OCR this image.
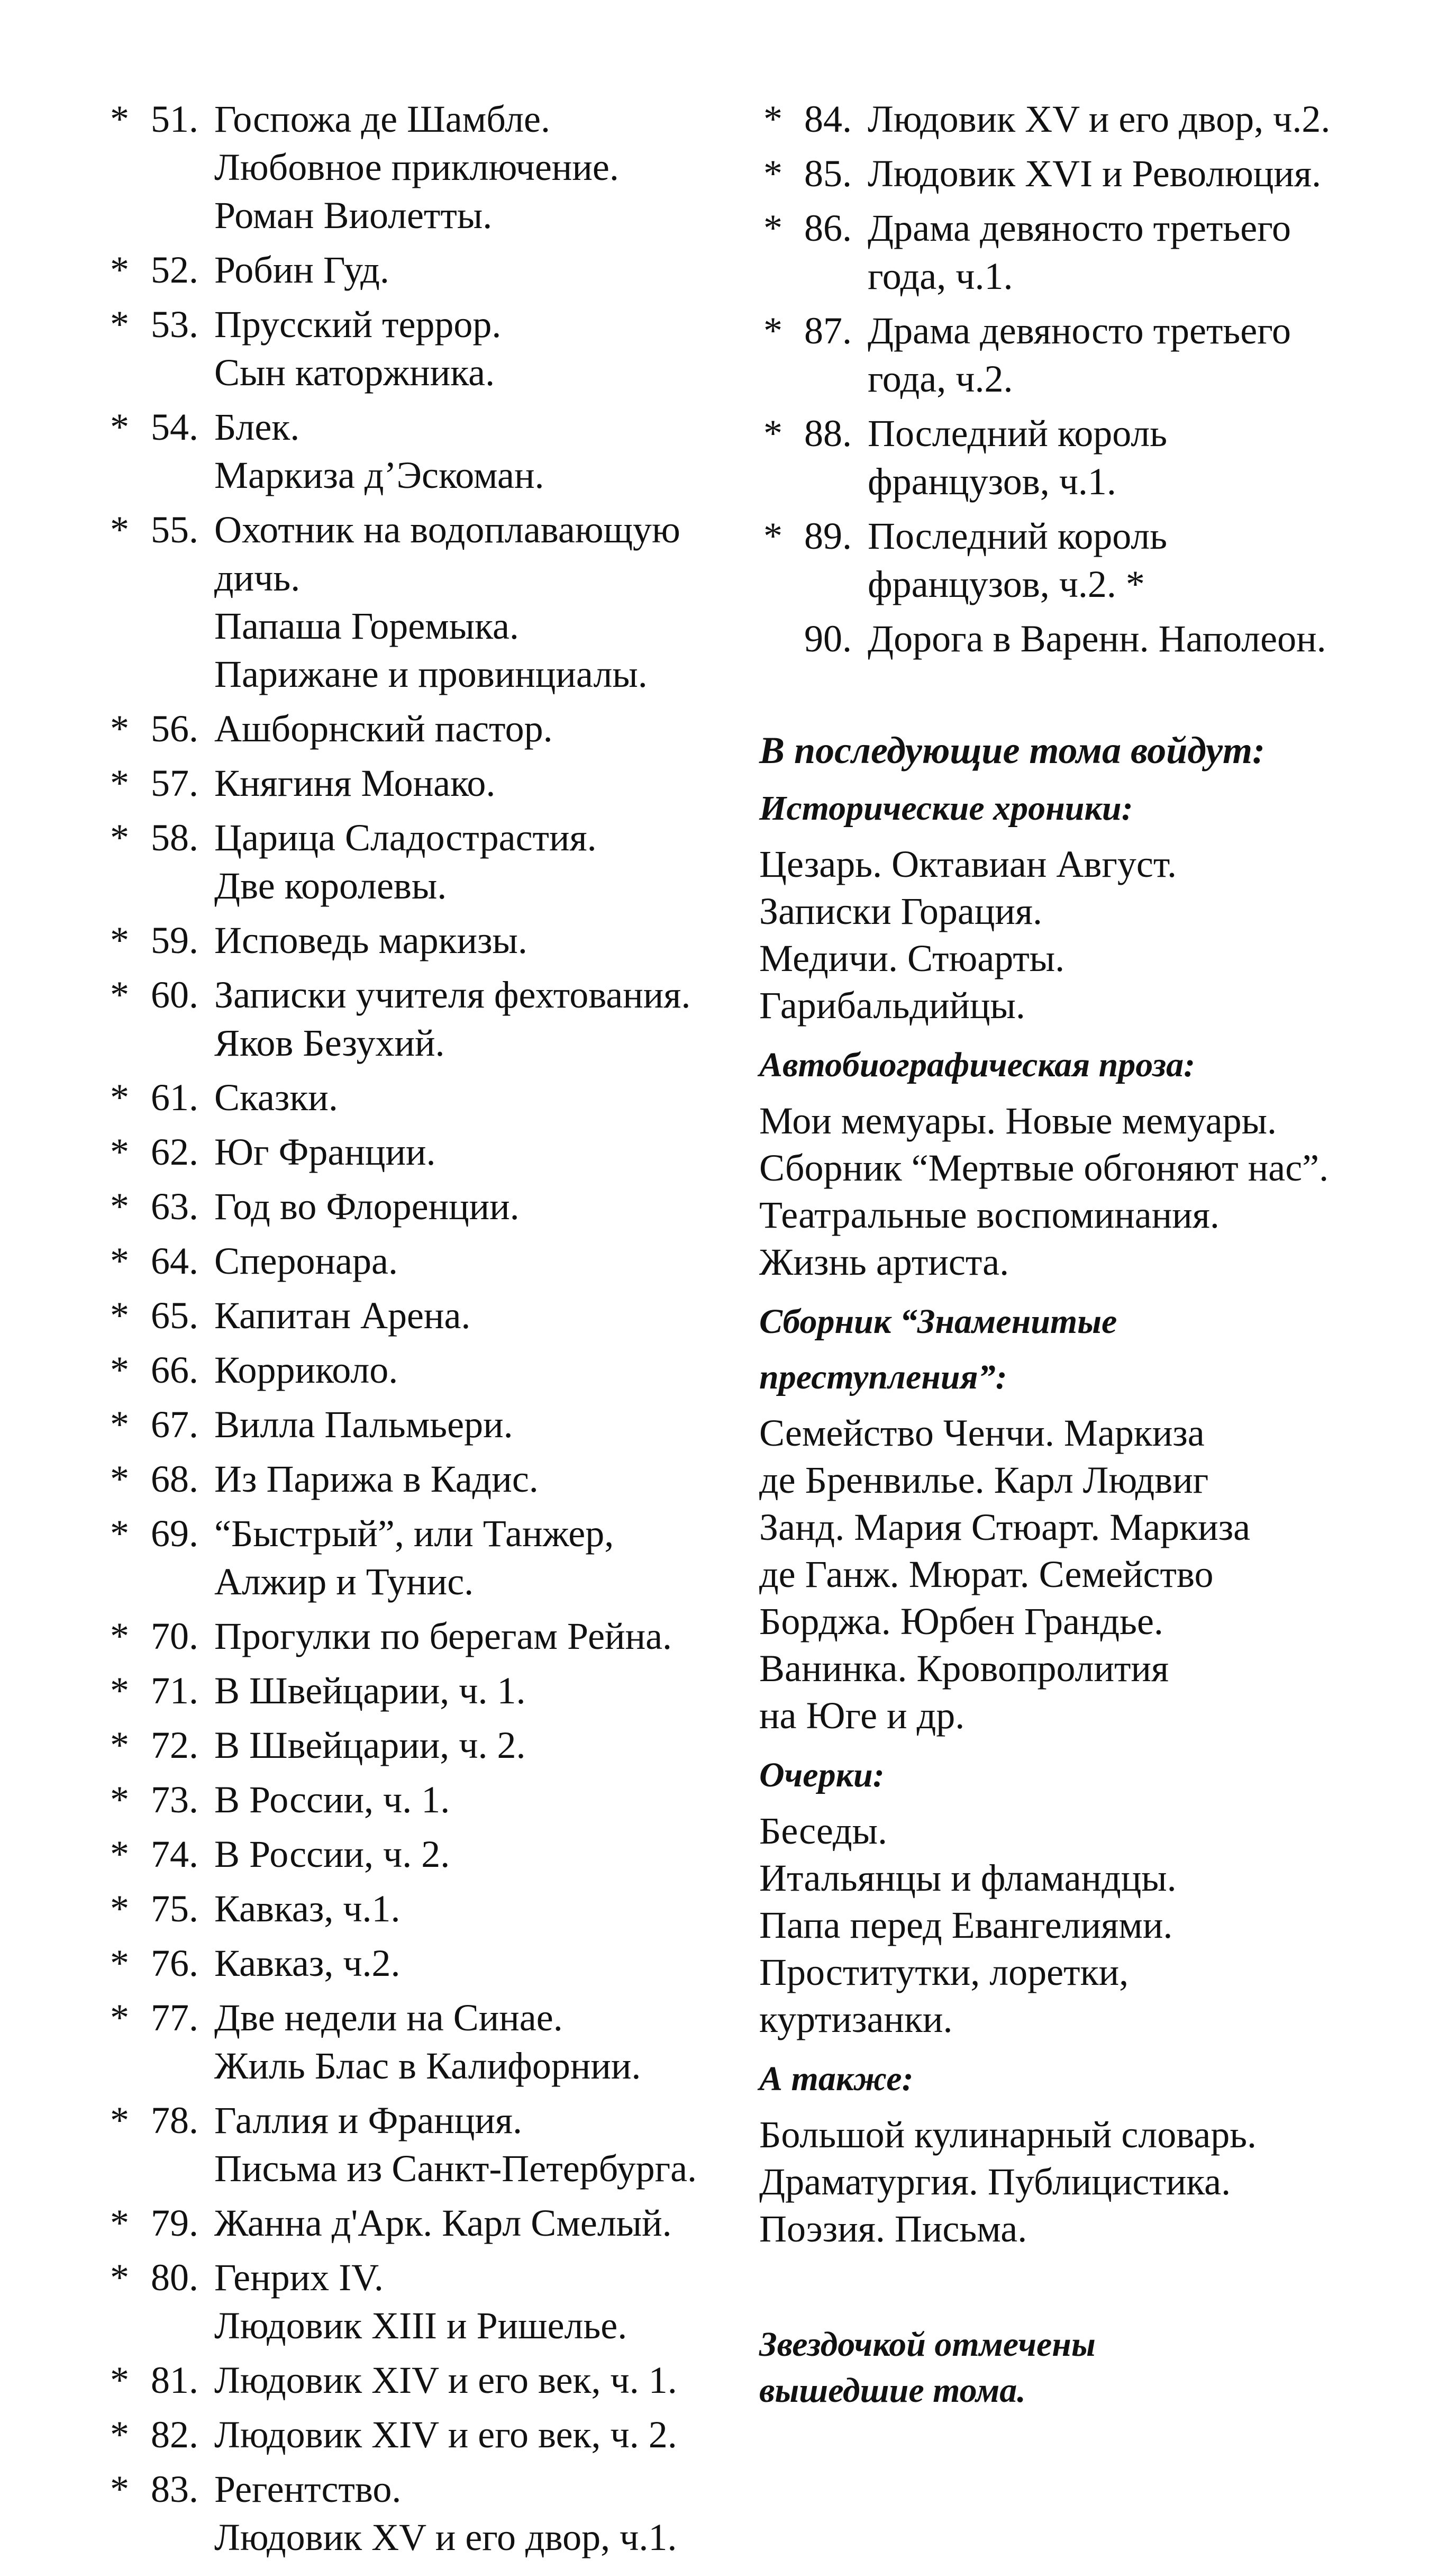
* 51. Госпожа де Шамбле.
Любовное приключение.
Роман Виолетты.
* 52. Робин Гуд.
* 53. Прусский террор.
Сын каторжника.
* 54. Блек.
Маркиза д’Эскоман.
* 55. Охотник на водоплавающую
дичь.
Папаша Горемыка.
Парижане и провинциалы.
* 56. Ашборнский пастор.
* 57. Княгиня Монако.
* 58. Царица Сладострастия.
Две королевы.
* 59. Исповедь маркизы.
* 60. Записки учителя фехтования.
Яков Безухий.
* 61. Сказки.
* 62. Юг Франции.
* 63. Год во Флоренции.
* 64. Сперонара.
* 65. Капитан Арена.
* 66. Корриколо.
* 67. Вилла Пальмьери.
* 68. Из Парижа в Кадис.
* 69. “Быстрый”, или Танжер,
Алжир и Тунис.
* 70. Прогулки по берегам Рейна.
* 71. В Швейцарии, ч. 1.
* 72. В Швейцарии, ч. 2.
* 73. В России, ч. 1.
* 74. В России, ч. 2.
* 75. Кавказ, ч.1.
* 76. Кавказ, ч.2.
* 77. Две недели на Синае.
Жиль Блас в Калифорнии.
* 78. Галлия и Франция.
Письма из Санкт-Петербурга.
* 79. Жанна д'Арк. Карл Смелый.
* 80. Генрих IV.
Людовик XIII и Ришелье.
* 81. Людовик XIV и его век, ч. 1.
* 82. Людовик XIV и его век, ч. 2.
* 83. Регентство.
Людовик XV и его двор, ч.1.
* 84. Людовик XV и его двор, ч.2.
* 85. Людовик XVI и Революция.
* 86. Драма девяносто третьего
года, ч.1.
* 87. Драма девяносто третьего
года, ч.2.
* 88. Последний король
французов, ч.1.
* 89. Последний король
французов, ч.2. *
90. Дорога в Варенн. Наполеон.
В последующие тома войдут:
Исторические хроники:
Цезарь. Октавиан Август.
Записки Горация.
Медичи. Стюарты.
Гарибальдийцы.
Автобиографическая проза:
Мои мемуары. Новые мемуары.
Сборник “Мертвые обгоняют нас”.
Театральные воспоминания.
Жизнь артиста.
Сборник “Знаменитые
преступления”:
Семейство Ченчи. Маркиза
де Бренвилье. Карл Людвиг
Занд. Мария Стюарт. Маркиза
де Ганж. Мюрат. Семейство
Борджа. Юрбен Грандье.
Ванинка. Кровопролития
на Юге и др.
Очерки:
Беседы.
Итальянцы и фламандцы.
Папа перед Евангелиями.
Проститутки, лоретки,
куртизанки.
А также:
Большой кулинарный словарь.
Драматургия. Публицистика.
Поэзия. Письма.
Звездочкой отмечены
вышедшие тома.
